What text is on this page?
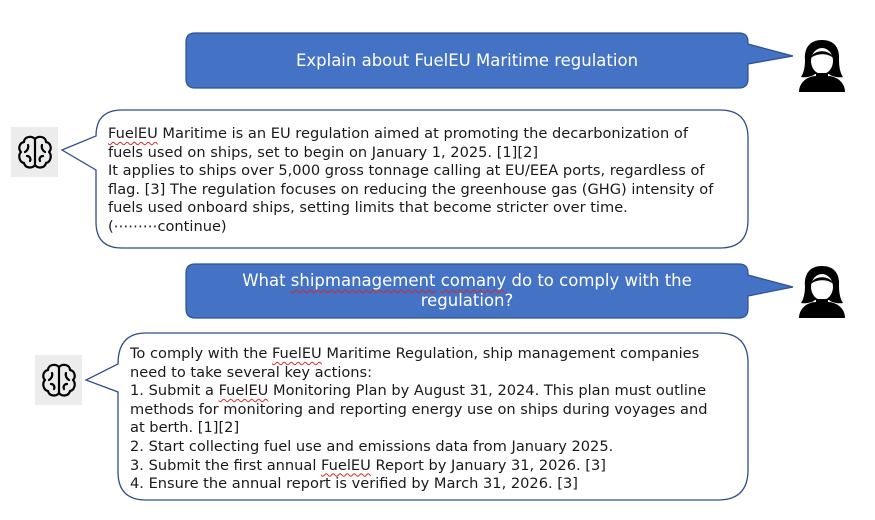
Explain about FuelEU Maritime regulation
FuelEU Maritime is an EU regulation aimed at promoting the decarbonization of
fuels used on ships, set to begin on January 1, 2025. [1][2]
It applies to ships over 5,000 gross tonnage calling at EU/EEA ports, regardless of
flag. [3] The regulation focuses on reducing the greenhouse gas (GHG) intensity of
fuels used onboard ships, setting limits that become stricter over time.
(⋯⋯⋯continue)
What shipmanagement comany do to comply with the
regulation?
To comply with the FuelEU Maritime Regulation, ship management companies
need to take several key actions:
1. Submit a FuelEU Monitoring Plan by August 31, 2024. This plan must outline
methods for monitoring and reporting energy use on ships during voyages and
at berth. [1][2]
2. Start collecting fuel use and emissions data from January 2025.
3. Submit the first annual FuelEU Report by January 31, 2026. [3]
4. Ensure the annual report is verified by March 31, 2026. [3]
